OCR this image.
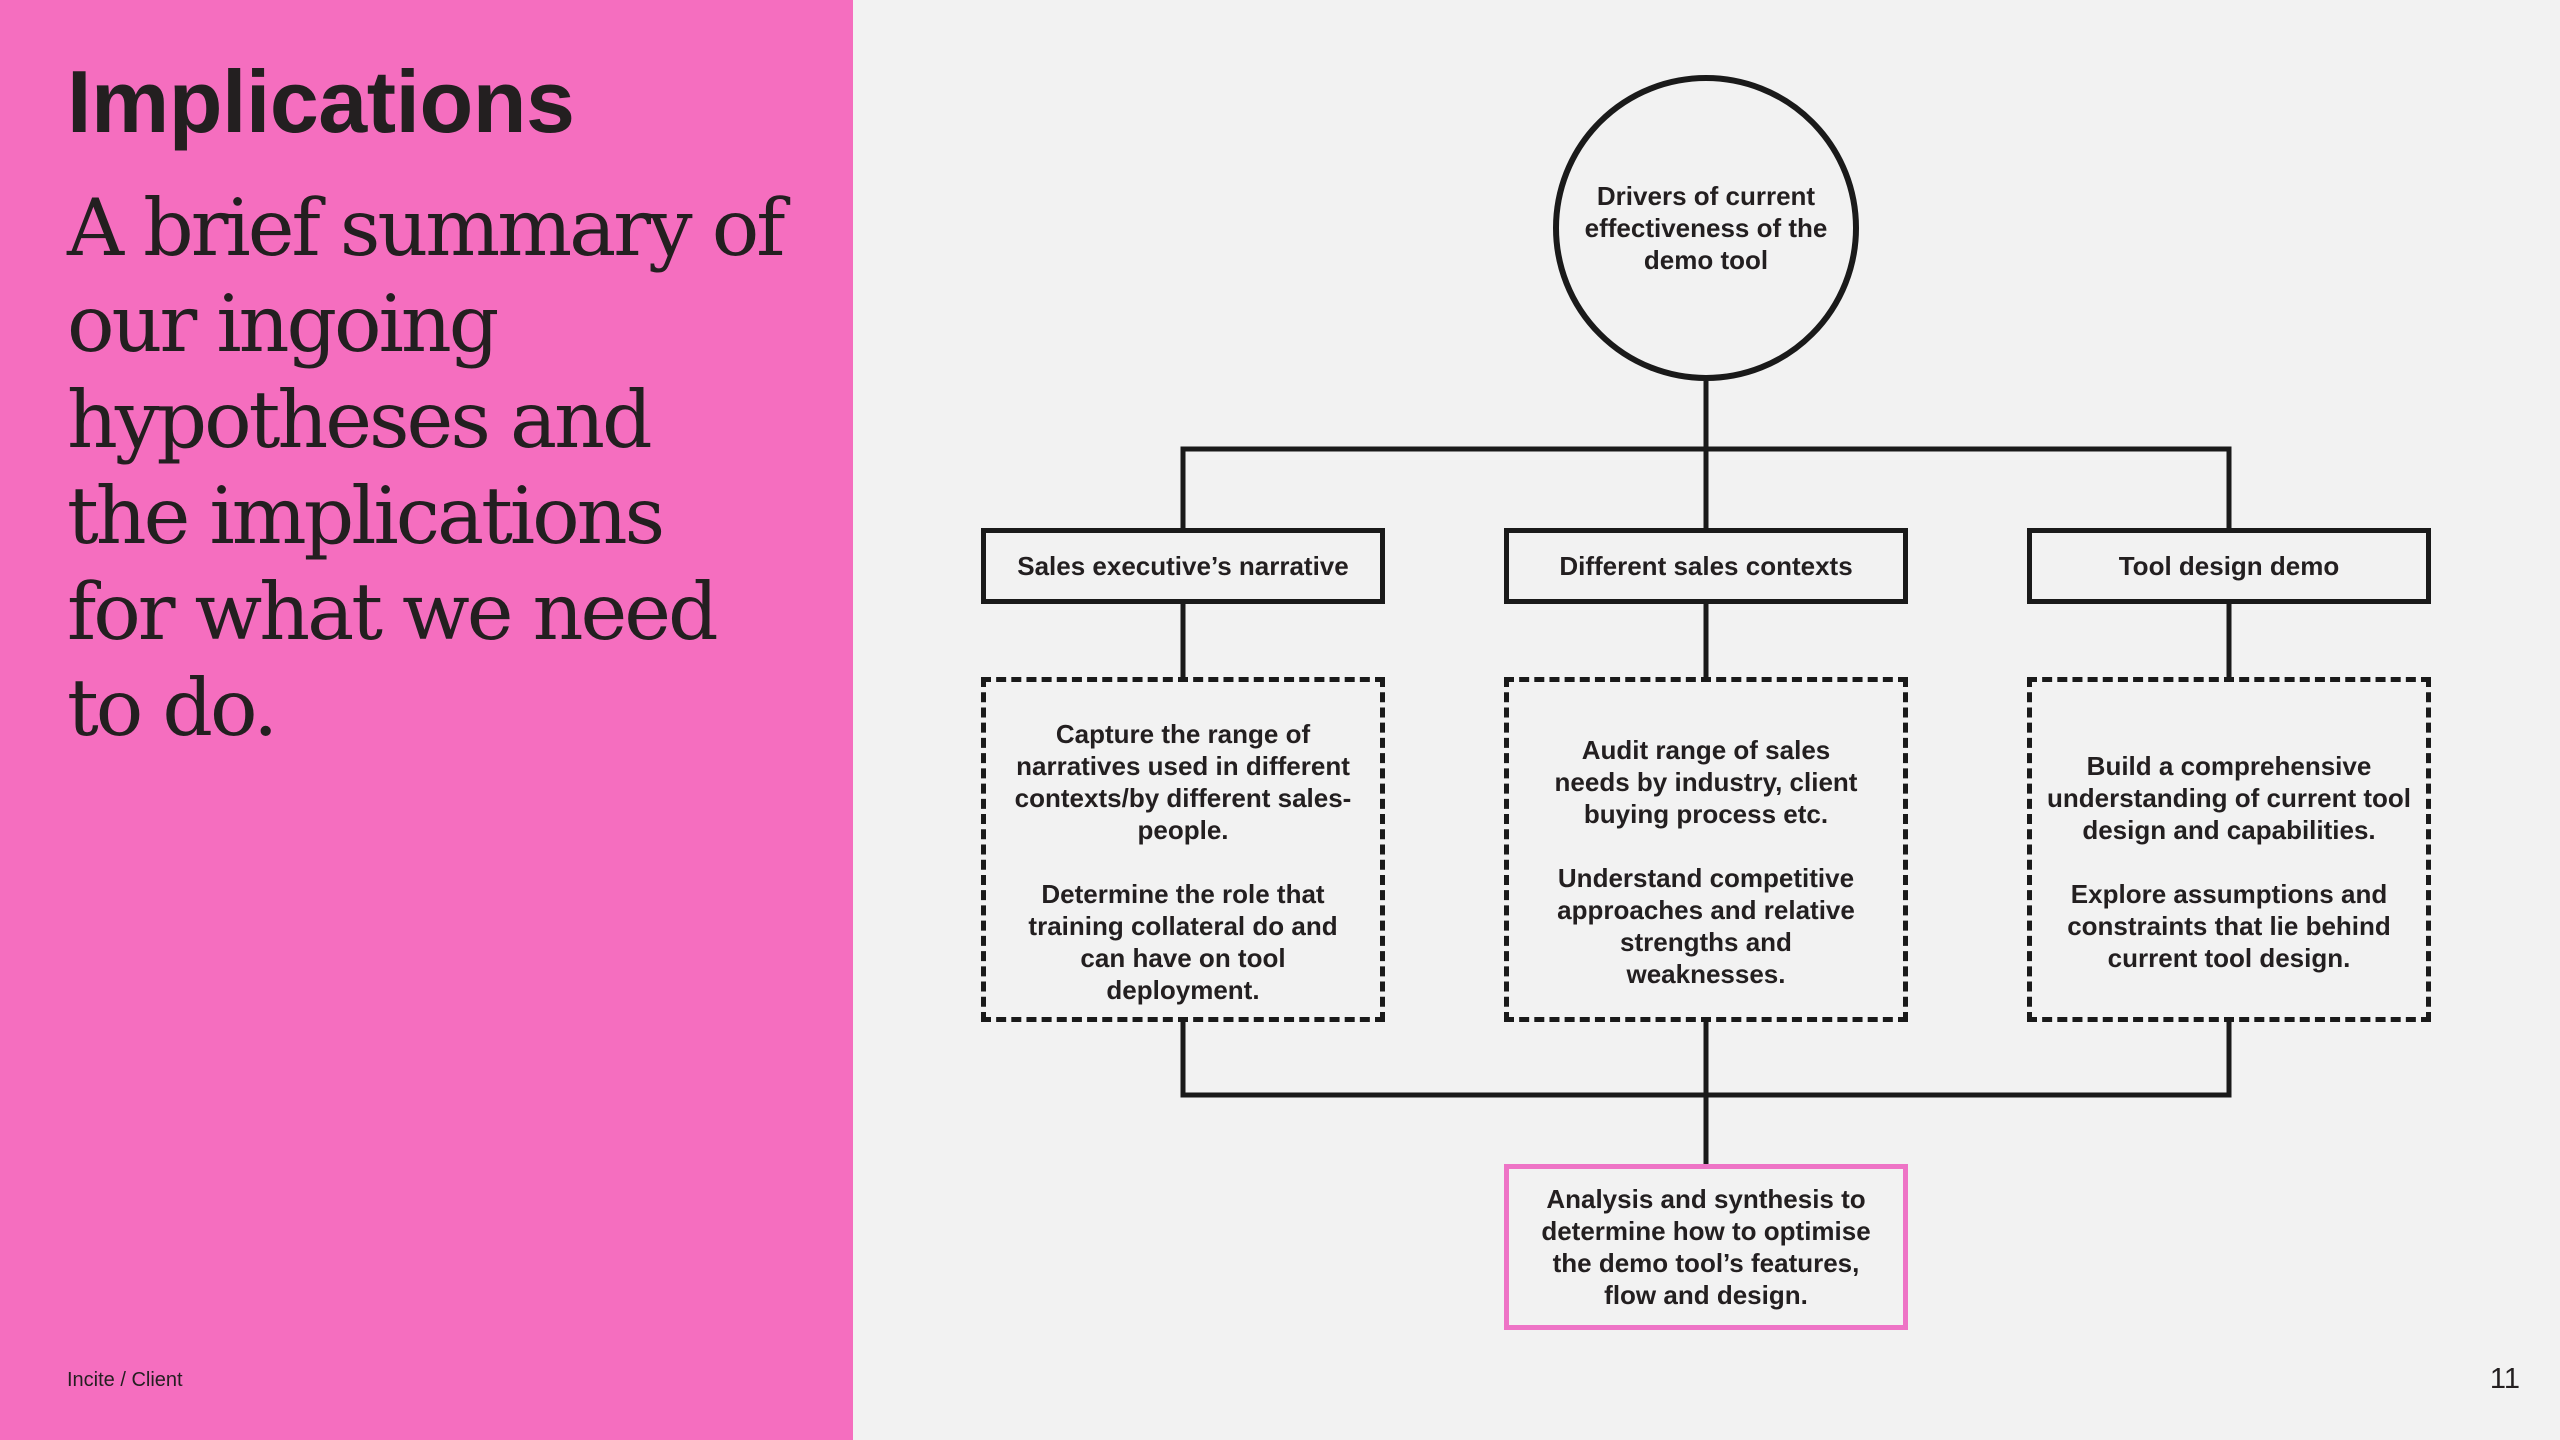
Implications

A brief summary of our ingoing hypotheses and the implications for what we need to do.

Incite / Client	11
Drivers of current effectiveness of the demo tool
Sales executive’s narrative	Different sales contexts	Tool design demo

Capture the range of narratives used in different contexts/by different sales-people.

Determine the role that training collateral do and can have on tool deployment.

Audit range of sales needs by industry, client buying process etc.

Understand competitive approaches and relative strengths and weaknesses.

Build a comprehensive understanding of current tool design and capabilities.

Explore assumptions and constraints that lie behind current tool design.

Analysis and synthesis to determine how to optimise the demo tool’s features, flow and design.
